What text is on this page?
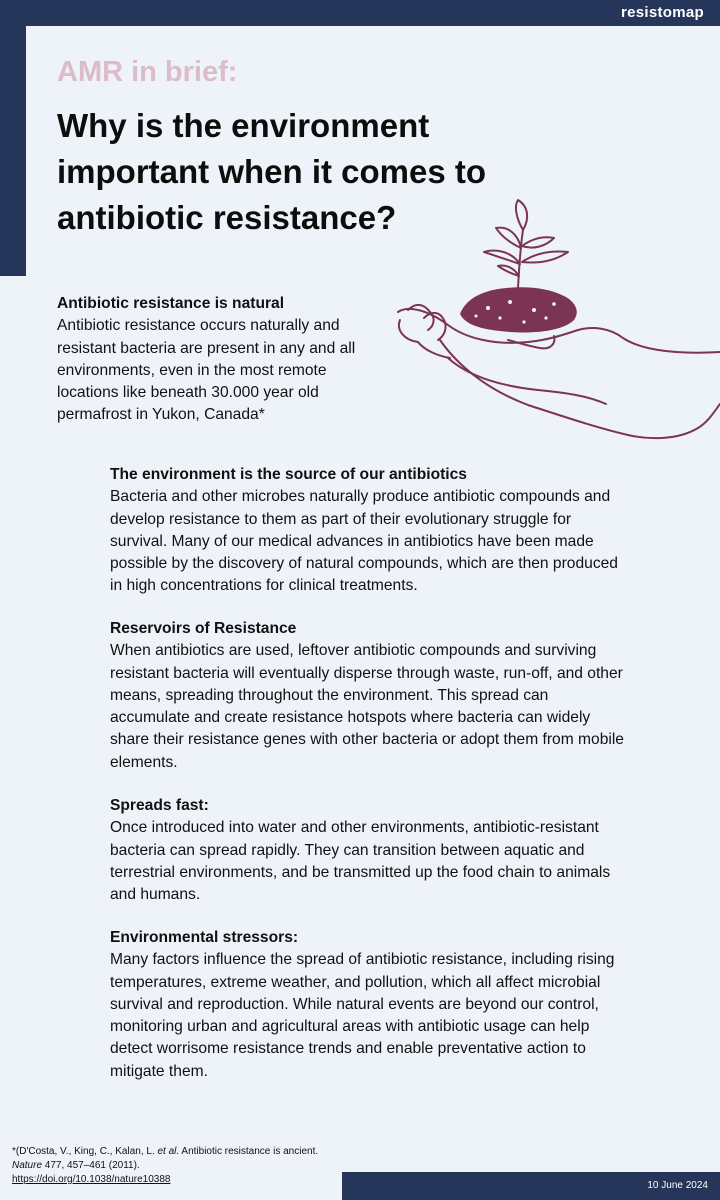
resistomap
AMR in brief:
Why is the environment important when it comes to antibiotic resistance?
Antibiotic resistance is natural

Antibiotic resistance occurs naturally and resistant bacteria are present in any and all environments, even in the most remote locations like beneath 30.000 year old permafrost in Yukon, Canada*

The environment is the source of our antibiotics

Bacteria and other microbes naturally produce antibiotic compounds and develop resistance to them as part of their evolutionary struggle for survival. Many of our medical advances in antibiotics have been made possible by the discovery of natural compounds, which are then produced in high concentrations for clinical treatments.

Reservoirs of Resistance

When antibiotics are used, leftover antibiotic compounds and surviving resistant bacteria will eventually disperse through waste, run-off, and other means, spreading throughout the environment. This spread can accumulate and create resistance hotspots where bacteria can widely share their resistance genes with other bacteria or adopt them from mobile elements.

Spreads fast:

Once introduced into water and other environments, antibiotic-resistant bacteria can spread rapidly. They can transition between aquatic and terrestrial environments, and be transmitted up the food chain to animals and humans.

Environmental stressors:

Many factors influence the spread of antibiotic resistance, including rising temperatures, extreme weather, and pollution, which all affect microbial survival and reproduction. While natural events are beyond our control, monitoring urban and agricultural areas with antibiotic usage can help detect worrisome resistance trends and enable preventative action to mitigate them.

*(D'Costa, V., King, C., Kalan, L. et al. Antibiotic resistance is ancient. Nature 477, 457–461 (2011).
https://doi.org/10.1038/nature10388
10 June 2024
